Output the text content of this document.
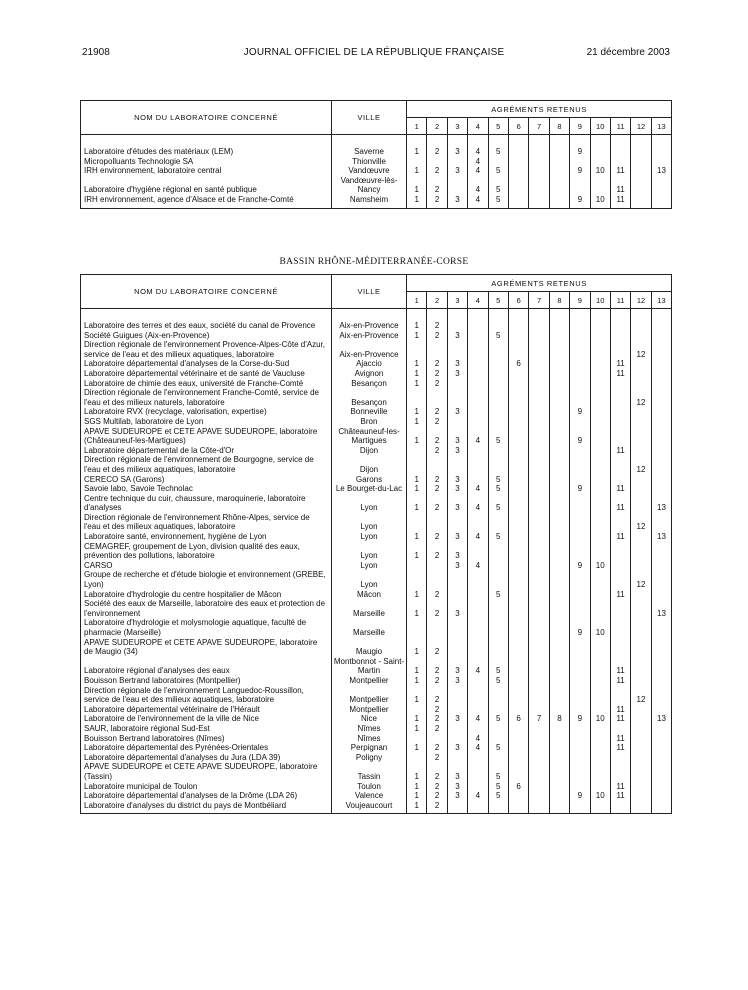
21908	JOURNAL OFFICIEL DE LA RÉPUBLIQUE FRANÇAISE	21 décembre 2003
NOM DU LABORATOIRE CONCERNÉ	VILLE	AGRÉMENTS RETENUS												
		1	2	3	4	5	6	7	8	9	10	11	12	13

Laboratoire d'études des matériaux (LEM)	Saverne	1	2	3	4	5				9				
Micropolluants Technologie SA	Thionville				4									
IRH environnement, laboratoire central	Vandœuvre	1	2	3	4	5				9	10	11		13
Laboratoire d'hygiène régional en santé publique	Vandœuvre-lès-Nancy	1	2		4	5						11		
IRH environnement, agence d'Alsace et de Franche-Comté	Namsheim	1	2	3	4	5				9	10	11		

BASSIN RHÔNE-MÉDITERRANÉE-CORSE
NOM DU LABORATOIRE CONCERNÉ	VILLE	AGRÉMENTS RETENUS												
		1	2	3	4	5	6	7	8	9	10	11	12	13

Laboratoire des terres et des eaux, société du canal de Provence	Aix-en-Provence	1	2											
Société Guigues (Aix-en-Provence)	Aix-en-Provence	1	2	3		5								
Direction régionale de l'environnement Provence-Alpes-Côte d'Azur, service de l'eau et des milieux aquatiques, laboratoire	Aix-en-Provence												12	
Laboratoire départemental d'analyses de la Corse-du-Sud	Ajaccio	1	2	3			6					11		
Laboratoire départemental vétérinaire et de santé de Vaucluse	Avignon	1	2	3								11		
Laboratoire de chimie des eaux, université de Franche-Comté	Besançon	1	2											
Direction régionale de l'environnement Franche-Comté, service de l'eau et des milieux naturels, laboratoire	Besançon												12	
Laboratoire RVX (recyclage, valorisation, expertise)	Bonneville	1	2	3						9				
SGS Multilab, laboratoire de Lyon	Bron	1	2											
APAVE SUDEUROPE et CETE APAVE SUDEUROPE, laboratoire (Châteauneuf-les-Martigues)	Châteauneuf-les-Martigues	1	2	3	4	5				9				
Laboratoire départemental de la Côte-d'Or	Dijon		2	3								11		
Direction régionale de l'environnement de Bourgogne, service de l'eau et des milieux aquatiques, laboratoire	Dijon												12	
CERECO SA (Garons)	Garons	1	2	3		5								
Savoie labo, Savoie Technolac	Le Bourget-du-Lac	1	2	3	4	5				9		11		
Centre technique du cuir, chaussure, maroquinerie, laboratoire d'analyses	Lyon	1	2	3	4	5						11		13
Direction régionale de l'environnement Rhône-Alpes, service de l'eau et des milieux aquatiques, laboratoire	Lyon												12	
Laboratoire santé, environnement, hygiène de Lyon	Lyon	1	2	3	4	5						11		13
CEMAGREF, groupement de Lyon, division qualité des eaux, prévention des pollutions, laboratoire	Lyon	1	2	3										
CARSO	Lyon			3	4					9	10			
Groupe de recherche et d'étude biologie et environnement (GREBE, Lyon)	Lyon												12	
Laboratoire d'hydrologie du centre hospitalier de Mâcon	Mâcon	1	2			5						11		
Société des eaux de Marseille, laboratoire des eaux et protection de l'environnement	Marseille	1	2	3										13
Laboratoire d'hydrologie et molysmologie aquatique, faculté de pharmacie (Marseille)	Marseille									9	10			
APAVE SUDEUROPE et CETE APAVE SUDEUROPE, laboratoire de Maugio (34)	Maugio	1	2											
Laboratoire régional d'analyses des eaux	Montbonnot - Saint-Martin	1	2	3	4	5						11		
Bouisson Bertrand laboratoires (Montpellier)	Montpellier	1	2	3		5						11		
Direction régionale de l'environnement Languedoc-Roussillon, service de l'eau et des milieux aquatiques, laboratoire	Montpellier	1	2										12	
Laboratoire départemental vétérinaire de l'Hérault	Montpellier		2									11		
Laboratoire de l'environnement de la ville de Nice	Nice	1	2	3	4	5	6	7	8	9	10	11		13
SAUR, laboratoire régional Sud-Est	Nîmes	1	2											
Bouisson Bertrand laboratoires (Nîmes)	Nîmes				4							11		
Laboratoire départemental des Pyrénées-Orientales	Perpignan	1	2	3	4	5						11		
Laboratoire départemental d'analyses du Jura (LDA 39)	Poligny		2											
APAVE SUDEUROPE et CETE APAVE SUDEUROPE, laboratoire (Tassin)	Tassin	1	2	3		5								
Laboratoire municipal de Toulon	Toulon	1	2	3		5	6					11		
Laboratoire départemental d'analyses de la Drôme (LDA 26)	Valence	1	2	3	4	5				9	10	11		
Laboratoire d'analyses du district du pays de Montbéliard	Voujeaucourt	1	2											
